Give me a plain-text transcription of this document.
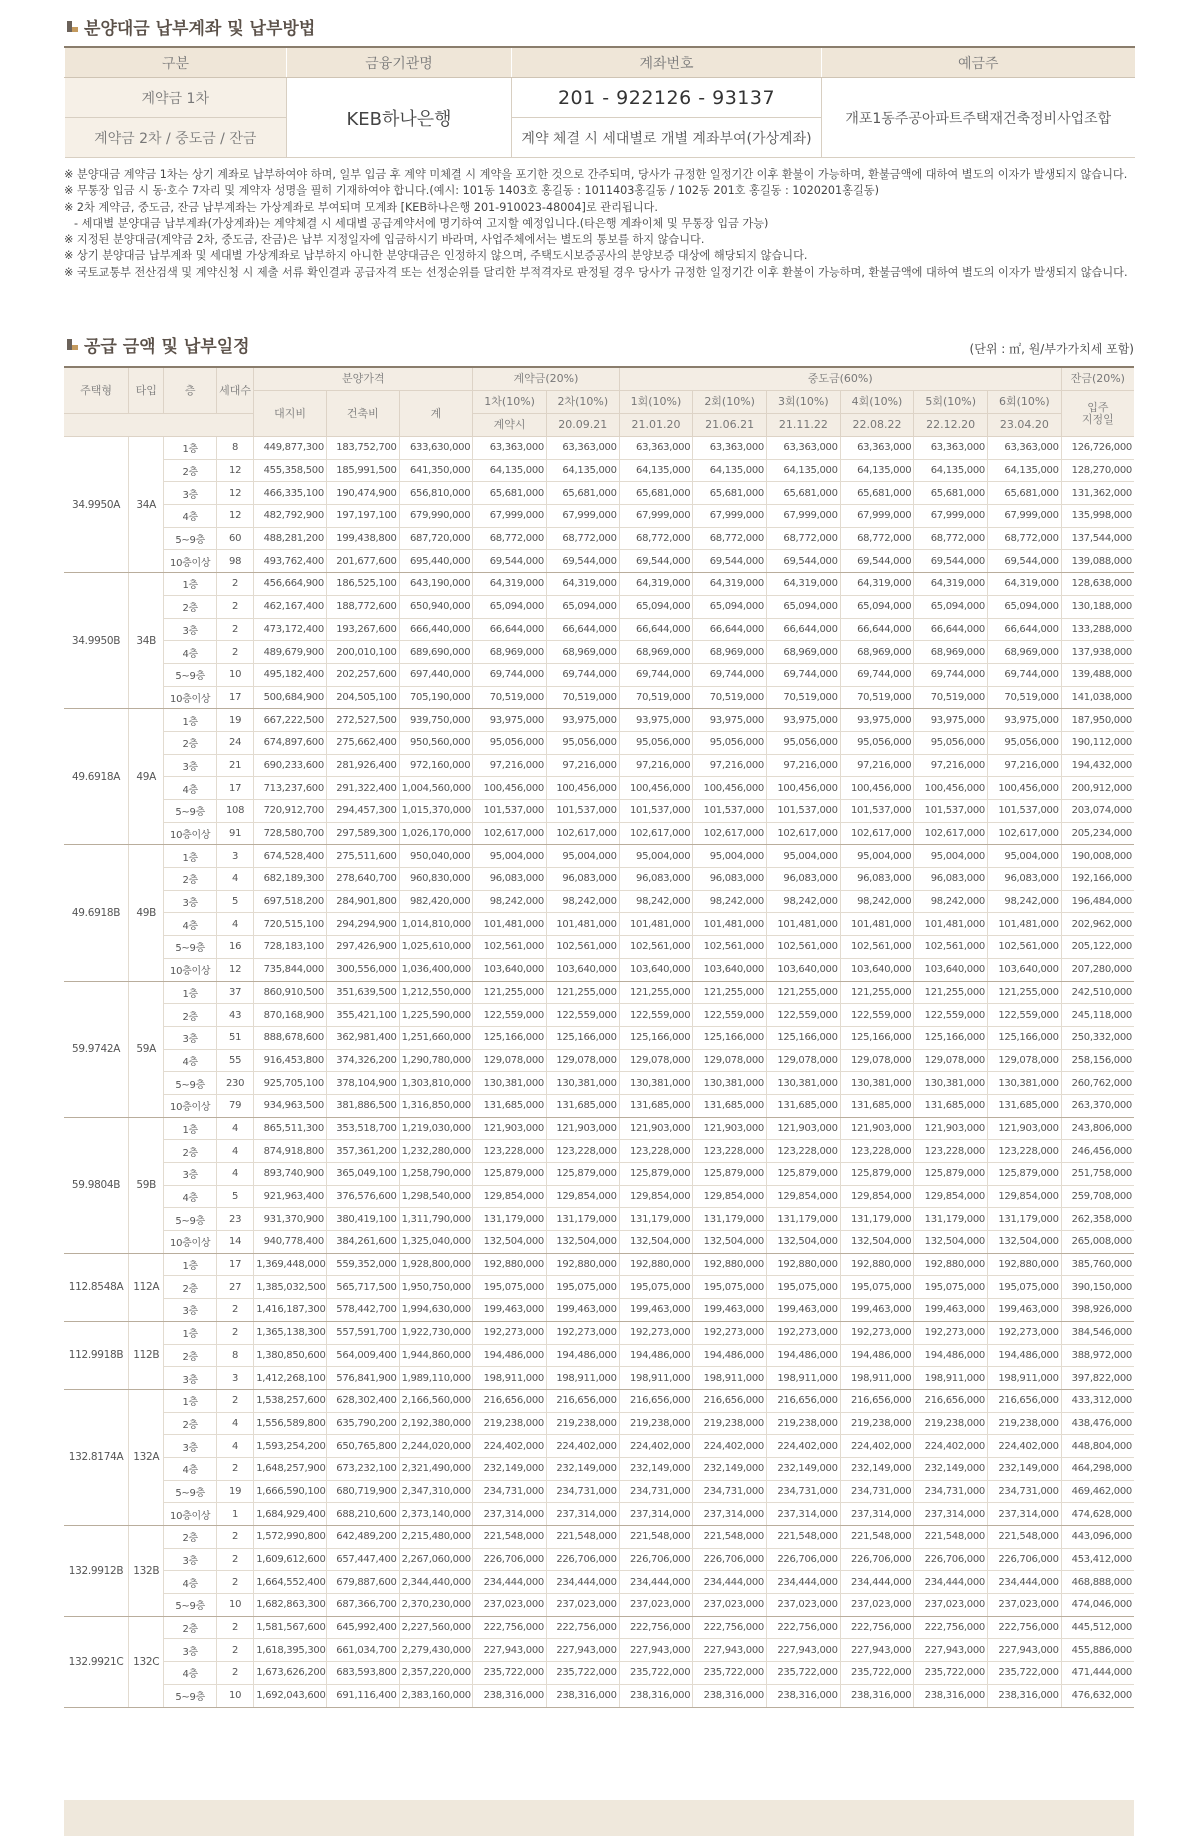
분양대금 납부계좌 및 납부방법
구분	금융기관명	계좌번호	예금주
계약금 1차	KEB하나은행	201 - 922126 - 93137	개포1동주공아파트주택재건축정비사업조합
계약금 2차 / 중도금 / 잔금		계약 체결 시 세대별로 개별 계좌부여(가상계좌)	
※ 분양대금 계약금 1차는 상기 계좌로 납부하여야 하며, 일부 입금 후 계약 미체결 시 계약을 포기한 것으로 간주되며, 당사가 규정한 일정기간 이후 환불이 가능하며, 환불금액에 대하여 별도의 이자가 발생되지 않습니다.
※ 무통장 입금 시 동·호수 7자리 및 계약자 성명을 필히 기재하여야 합니다.(예시: 101동 1403호 홍길동 : 1011403홍길동 / 102동 201호 홍길동 : 1020201홍길동)
※ 2차 계약금, 중도금, 잔금 납부계좌는 가상계좌로 부여되며 모계좌 [KEB하나은행 201-910023-48004]로 관리됩니다.
- 세대별 분양대금 납부계좌(가상계좌)는 계약체결 시 세대별 공급계약서에 명기하여 고지할 예정입니다.(타은행 계좌이체 및 무통장 입금 가능)
※ 지정된 분양대금(계약금 2차, 중도금, 잔금)은 납부 지정일자에 입금하시기 바라며, 사업주체에서는 별도의 통보를 하지 않습니다.
※ 상기 분양대금 납부계좌 및 세대별 가상계좌로 납부하지 아니한 분양대금은 인정하지 않으며, 주택도시보증공사의 분양보증 대상에 해당되지 않습니다.
※ 국토교통부 전산검색 및 계약신청 시 제출 서류 확인결과 공급자격 또는 선정순위를 달리한 부적격자로 판정될 경우 당사가 규정한 일정기간 이후 환불이 가능하며, 환불금액에 대하여 별도의 이자가 발생되지 않습니다.
공급 금액 및 납부일정	(단위 : ㎡, 원/부가가치세 포함)
주택형	타입	층	세대수	분양가격			계약금(20%)		중도금(60%)						잔금(20%)
				대지비	건축비	계	1차(10%)	2차(10%)	1회(10%)	2회(10%)	3회(10%)	4회(10%)	5회(10%)	6회(10%)	입주
지정일
							계약시	20.09.21	21.01.20	21.06.21	21.11.22	22.08.22	22.12.20	23.04.20	
34.9950A	34A	1층	8	449,877,300	183,752,700	633,630,000	63,363,000	63,363,000	63,363,000	63,363,000	63,363,000	63,363,000	63,363,000	63,363,000	126,726,000
		2층	12	455,358,500	185,991,500	641,350,000	64,135,000	64,135,000	64,135,000	64,135,000	64,135,000	64,135,000	64,135,000	64,135,000	128,270,000
		3층	12	466,335,100	190,474,900	656,810,000	65,681,000	65,681,000	65,681,000	65,681,000	65,681,000	65,681,000	65,681,000	65,681,000	131,362,000
		4층	12	482,792,900	197,197,100	679,990,000	67,999,000	67,999,000	67,999,000	67,999,000	67,999,000	67,999,000	67,999,000	67,999,000	135,998,000
		5~9층	60	488,281,200	199,438,800	687,720,000	68,772,000	68,772,000	68,772,000	68,772,000	68,772,000	68,772,000	68,772,000	68,772,000	137,544,000
		10층이상	98	493,762,400	201,677,600	695,440,000	69,544,000	69,544,000	69,544,000	69,544,000	69,544,000	69,544,000	69,544,000	69,544,000	139,088,000
34.9950B	34B	1층	2	456,664,900	186,525,100	643,190,000	64,319,000	64,319,000	64,319,000	64,319,000	64,319,000	64,319,000	64,319,000	64,319,000	128,638,000
		2층	2	462,167,400	188,772,600	650,940,000	65,094,000	65,094,000	65,094,000	65,094,000	65,094,000	65,094,000	65,094,000	65,094,000	130,188,000
		3층	2	473,172,400	193,267,600	666,440,000	66,644,000	66,644,000	66,644,000	66,644,000	66,644,000	66,644,000	66,644,000	66,644,000	133,288,000
		4층	2	489,679,900	200,010,100	689,690,000	68,969,000	68,969,000	68,969,000	68,969,000	68,969,000	68,969,000	68,969,000	68,969,000	137,938,000
		5~9층	10	495,182,400	202,257,600	697,440,000	69,744,000	69,744,000	69,744,000	69,744,000	69,744,000	69,744,000	69,744,000	69,744,000	139,488,000
		10층이상	17	500,684,900	204,505,100	705,190,000	70,519,000	70,519,000	70,519,000	70,519,000	70,519,000	70,519,000	70,519,000	70,519,000	141,038,000
49.6918A	49A	1층	19	667,222,500	272,527,500	939,750,000	93,975,000	93,975,000	93,975,000	93,975,000	93,975,000	93,975,000	93,975,000	93,975,000	187,950,000
		2층	24	674,897,600	275,662,400	950,560,000	95,056,000	95,056,000	95,056,000	95,056,000	95,056,000	95,056,000	95,056,000	95,056,000	190,112,000
		3층	21	690,233,600	281,926,400	972,160,000	97,216,000	97,216,000	97,216,000	97,216,000	97,216,000	97,216,000	97,216,000	97,216,000	194,432,000
		4층	17	713,237,600	291,322,400	1,004,560,000	100,456,000	100,456,000	100,456,000	100,456,000	100,456,000	100,456,000	100,456,000	100,456,000	200,912,000
		5~9층	108	720,912,700	294,457,300	1,015,370,000	101,537,000	101,537,000	101,537,000	101,537,000	101,537,000	101,537,000	101,537,000	101,537,000	203,074,000
		10층이상	91	728,580,700	297,589,300	1,026,170,000	102,617,000	102,617,000	102,617,000	102,617,000	102,617,000	102,617,000	102,617,000	102,617,000	205,234,000
49.6918B	49B	1층	3	674,528,400	275,511,600	950,040,000	95,004,000	95,004,000	95,004,000	95,004,000	95,004,000	95,004,000	95,004,000	95,004,000	190,008,000
		2층	4	682,189,300	278,640,700	960,830,000	96,083,000	96,083,000	96,083,000	96,083,000	96,083,000	96,083,000	96,083,000	96,083,000	192,166,000
		3층	5	697,518,200	284,901,800	982,420,000	98,242,000	98,242,000	98,242,000	98,242,000	98,242,000	98,242,000	98,242,000	98,242,000	196,484,000
		4층	4	720,515,100	294,294,900	1,014,810,000	101,481,000	101,481,000	101,481,000	101,481,000	101,481,000	101,481,000	101,481,000	101,481,000	202,962,000
		5~9층	16	728,183,100	297,426,900	1,025,610,000	102,561,000	102,561,000	102,561,000	102,561,000	102,561,000	102,561,000	102,561,000	102,561,000	205,122,000
		10층이상	12	735,844,000	300,556,000	1,036,400,000	103,640,000	103,640,000	103,640,000	103,640,000	103,640,000	103,640,000	103,640,000	103,640,000	207,280,000
59.9742A	59A	1층	37	860,910,500	351,639,500	1,212,550,000	121,255,000	121,255,000	121,255,000	121,255,000	121,255,000	121,255,000	121,255,000	121,255,000	242,510,000
		2층	43	870,168,900	355,421,100	1,225,590,000	122,559,000	122,559,000	122,559,000	122,559,000	122,559,000	122,559,000	122,559,000	122,559,000	245,118,000
		3층	51	888,678,600	362,981,400	1,251,660,000	125,166,000	125,166,000	125,166,000	125,166,000	125,166,000	125,166,000	125,166,000	125,166,000	250,332,000
		4층	55	916,453,800	374,326,200	1,290,780,000	129,078,000	129,078,000	129,078,000	129,078,000	129,078,000	129,078,000	129,078,000	129,078,000	258,156,000
		5~9층	230	925,705,100	378,104,900	1,303,810,000	130,381,000	130,381,000	130,381,000	130,381,000	130,381,000	130,381,000	130,381,000	130,381,000	260,762,000
		10층이상	79	934,963,500	381,886,500	1,316,850,000	131,685,000	131,685,000	131,685,000	131,685,000	131,685,000	131,685,000	131,685,000	131,685,000	263,370,000
59.9804B	59B	1층	4	865,511,300	353,518,700	1,219,030,000	121,903,000	121,903,000	121,903,000	121,903,000	121,903,000	121,903,000	121,903,000	121,903,000	243,806,000
		2층	4	874,918,800	357,361,200	1,232,280,000	123,228,000	123,228,000	123,228,000	123,228,000	123,228,000	123,228,000	123,228,000	123,228,000	246,456,000
		3층	4	893,740,900	365,049,100	1,258,790,000	125,879,000	125,879,000	125,879,000	125,879,000	125,879,000	125,879,000	125,879,000	125,879,000	251,758,000
		4층	5	921,963,400	376,576,600	1,298,540,000	129,854,000	129,854,000	129,854,000	129,854,000	129,854,000	129,854,000	129,854,000	129,854,000	259,708,000
		5~9층	23	931,370,900	380,419,100	1,311,790,000	131,179,000	131,179,000	131,179,000	131,179,000	131,179,000	131,179,000	131,179,000	131,179,000	262,358,000
		10층이상	14	940,778,400	384,261,600	1,325,040,000	132,504,000	132,504,000	132,504,000	132,504,000	132,504,000	132,504,000	132,504,000	132,504,000	265,008,000
112.8548A	112A	1층	17	1,369,448,000	559,352,000	1,928,800,000	192,880,000	192,880,000	192,880,000	192,880,000	192,880,000	192,880,000	192,880,000	192,880,000	385,760,000
		2층	27	1,385,032,500	565,717,500	1,950,750,000	195,075,000	195,075,000	195,075,000	195,075,000	195,075,000	195,075,000	195,075,000	195,075,000	390,150,000
		3층	2	1,416,187,300	578,442,700	1,994,630,000	199,463,000	199,463,000	199,463,000	199,463,000	199,463,000	199,463,000	199,463,000	199,463,000	398,926,000
112.9918B	112B	1층	2	1,365,138,300	557,591,700	1,922,730,000	192,273,000	192,273,000	192,273,000	192,273,000	192,273,000	192,273,000	192,273,000	192,273,000	384,546,000
		2층	8	1,380,850,600	564,009,400	1,944,860,000	194,486,000	194,486,000	194,486,000	194,486,000	194,486,000	194,486,000	194,486,000	194,486,000	388,972,000
		3층	3	1,412,268,100	576,841,900	1,989,110,000	198,911,000	198,911,000	198,911,000	198,911,000	198,911,000	198,911,000	198,911,000	198,911,000	397,822,000
132.8174A	132A	1층	2	1,538,257,600	628,302,400	2,166,560,000	216,656,000	216,656,000	216,656,000	216,656,000	216,656,000	216,656,000	216,656,000	216,656,000	433,312,000
		2층	4	1,556,589,800	635,790,200	2,192,380,000	219,238,000	219,238,000	219,238,000	219,238,000	219,238,000	219,238,000	219,238,000	219,238,000	438,476,000
		3층	4	1,593,254,200	650,765,800	2,244,020,000	224,402,000	224,402,000	224,402,000	224,402,000	224,402,000	224,402,000	224,402,000	224,402,000	448,804,000
		4층	2	1,648,257,900	673,232,100	2,321,490,000	232,149,000	232,149,000	232,149,000	232,149,000	232,149,000	232,149,000	232,149,000	232,149,000	464,298,000
		5~9층	19	1,666,590,100	680,719,900	2,347,310,000	234,731,000	234,731,000	234,731,000	234,731,000	234,731,000	234,731,000	234,731,000	234,731,000	469,462,000
		10층이상	1	1,684,929,400	688,210,600	2,373,140,000	237,314,000	237,314,000	237,314,000	237,314,000	237,314,000	237,314,000	237,314,000	237,314,000	474,628,000
132.9912B	132B	2층	2	1,572,990,800	642,489,200	2,215,480,000	221,548,000	221,548,000	221,548,000	221,548,000	221,548,000	221,548,000	221,548,000	221,548,000	443,096,000
		3층	2	1,609,612,600	657,447,400	2,267,060,000	226,706,000	226,706,000	226,706,000	226,706,000	226,706,000	226,706,000	226,706,000	226,706,000	453,412,000
		4층	2	1,664,552,400	679,887,600	2,344,440,000	234,444,000	234,444,000	234,444,000	234,444,000	234,444,000	234,444,000	234,444,000	234,444,000	468,888,000
		5~9층	10	1,682,863,300	687,366,700	2,370,230,000	237,023,000	237,023,000	237,023,000	237,023,000	237,023,000	237,023,000	237,023,000	237,023,000	474,046,000
132.9921C	132C	2층	2	1,581,567,600	645,992,400	2,227,560,000	222,756,000	222,756,000	222,756,000	222,756,000	222,756,000	222,756,000	222,756,000	222,756,000	445,512,000
		3층	2	1,618,395,300	661,034,700	2,279,430,000	227,943,000	227,943,000	227,943,000	227,943,000	227,943,000	227,943,000	227,943,000	227,943,000	455,886,000
		4층	2	1,673,626,200	683,593,800	2,357,220,000	235,722,000	235,722,000	235,722,000	235,722,000	235,722,000	235,722,000	235,722,000	235,722,000	471,444,000
		5~9층	10	1,692,043,600	691,116,400	2,383,160,000	238,316,000	238,316,000	238,316,000	238,316,000	238,316,000	238,316,000	238,316,000	238,316,000	476,632,000
